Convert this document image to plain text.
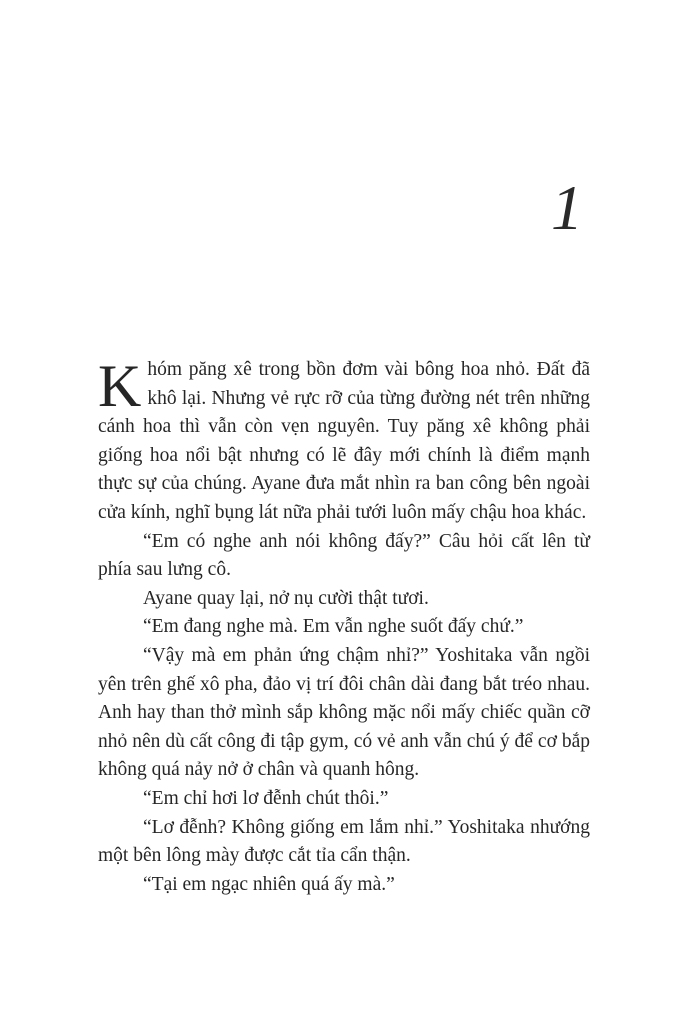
1

Khóm păng xê trong bồn đơm vài bông hoa nhỏ. Đất đã khô lại. Nhưng vẻ rực rỡ của từng đường nét trên những cánh hoa thì vẫn còn vẹn nguyên. Tuy păng xê không phải giống hoa nổi bật nhưng có lẽ đây mới chính là điểm mạnh thực sự của chúng. Ayane đưa mắt nhìn ra ban công bên ngoài cửa kính, nghĩ bụng lát nữa phải tưới luôn mấy chậu hoa khác.

“Em có nghe anh nói không đấy?” Câu hỏi cất lên từ phía sau lưng cô.

Ayane quay lại, nở nụ cười thật tươi.

“Em đang nghe mà. Em vẫn nghe suốt đấy chứ.”

“Vậy mà em phản ứng chậm nhỉ?” Yoshitaka vẫn ngồi yên trên ghế xô pha, đảo vị trí đôi chân dài đang bắt tréo nhau. Anh hay than thở mình sắp không mặc nổi mấy chiếc quần cỡ nhỏ nên dù cất công đi tập gym, có vẻ anh vẫn chú ý để cơ bắp không quá nảy nở ở chân và quanh hông.

“Em chỉ hơi lơ đễnh chút thôi.”

“Lơ đễnh? Không giống em lắm nhỉ.” Yoshitaka nhướng một bên lông mày được cắt tỉa cẩn thận.

“Tại em ngạc nhiên quá ấy mà.”
